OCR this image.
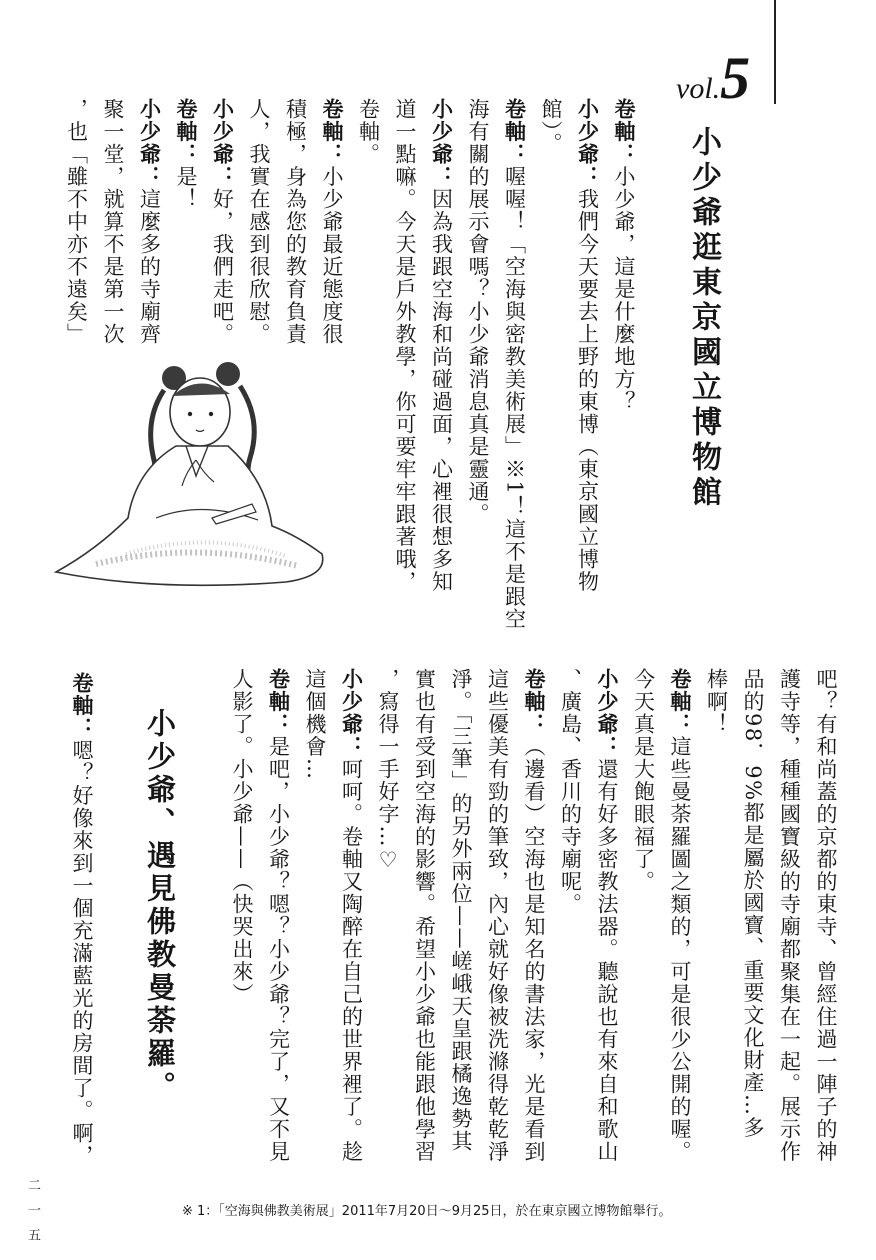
vol.5
小少爺逛東京國立博物館
卷軸：小少爺，這是什麼地方？
小少爺：我們今天要去上野的東博（東京國立博物
館）。
卷軸：喔喔！「空海與密教美術展」※1！這不是跟空
海有關的展示會嗎？小少爺消息真是靈通。
小少爺：因為我跟空海和尚碰過面，心裡很想多知
道一點嘛。今天是戶外教學，你可要牢牢跟著哦，
卷軸。
卷軸：小少爺最近態度很
積極，身為您的教育負責
人，我實在感到很欣慰。
小少爺：好，我們走吧。
卷軸：是！
小少爺：這麼多的寺廟齊
聚一堂，就算不是第一次
，也「雖不中亦不遠矣」
吧？有和尚蓋的京都的東寺、曾經住過一陣子的神
護寺等，種種國寶級的寺廟都聚集在一起。展示作
品的98．9%都是屬於國寶、重要文化財產…多
棒啊！
卷軸：這些曼荼羅圖之類的，可是很少公開的喔。
今天真是大飽眼福了。
小少爺：還有好多密教法器。聽說也有來自和歌山
、廣島、香川的寺廟呢。
卷軸：（邊看）空海也是知名的書法家，光是看到
這些優美有勁的筆致，內心就好像被洗滌得乾乾淨
淨。「三筆」的另外兩位——嵯峨天皇跟橘逸勢其
實也有受到空海的影響。希望小少爺也能跟他學習
，寫得一手好字…♡
小少爺：呵呵。卷軸又陶醉在自己的世界裡了。趁
這個機會…
卷軸：是吧，小少爺？嗯？小少爺？完了，又不見
人影了。小少爺——（快哭出來）
小少爺、遇見佛教曼荼羅。
卷軸：嗯？好像來到一個充滿藍光的房間了。啊，
※ 1：「空海與佛教美術展」2011年7月20日～9月25日，於在東京國立博物館舉行。
二一五
